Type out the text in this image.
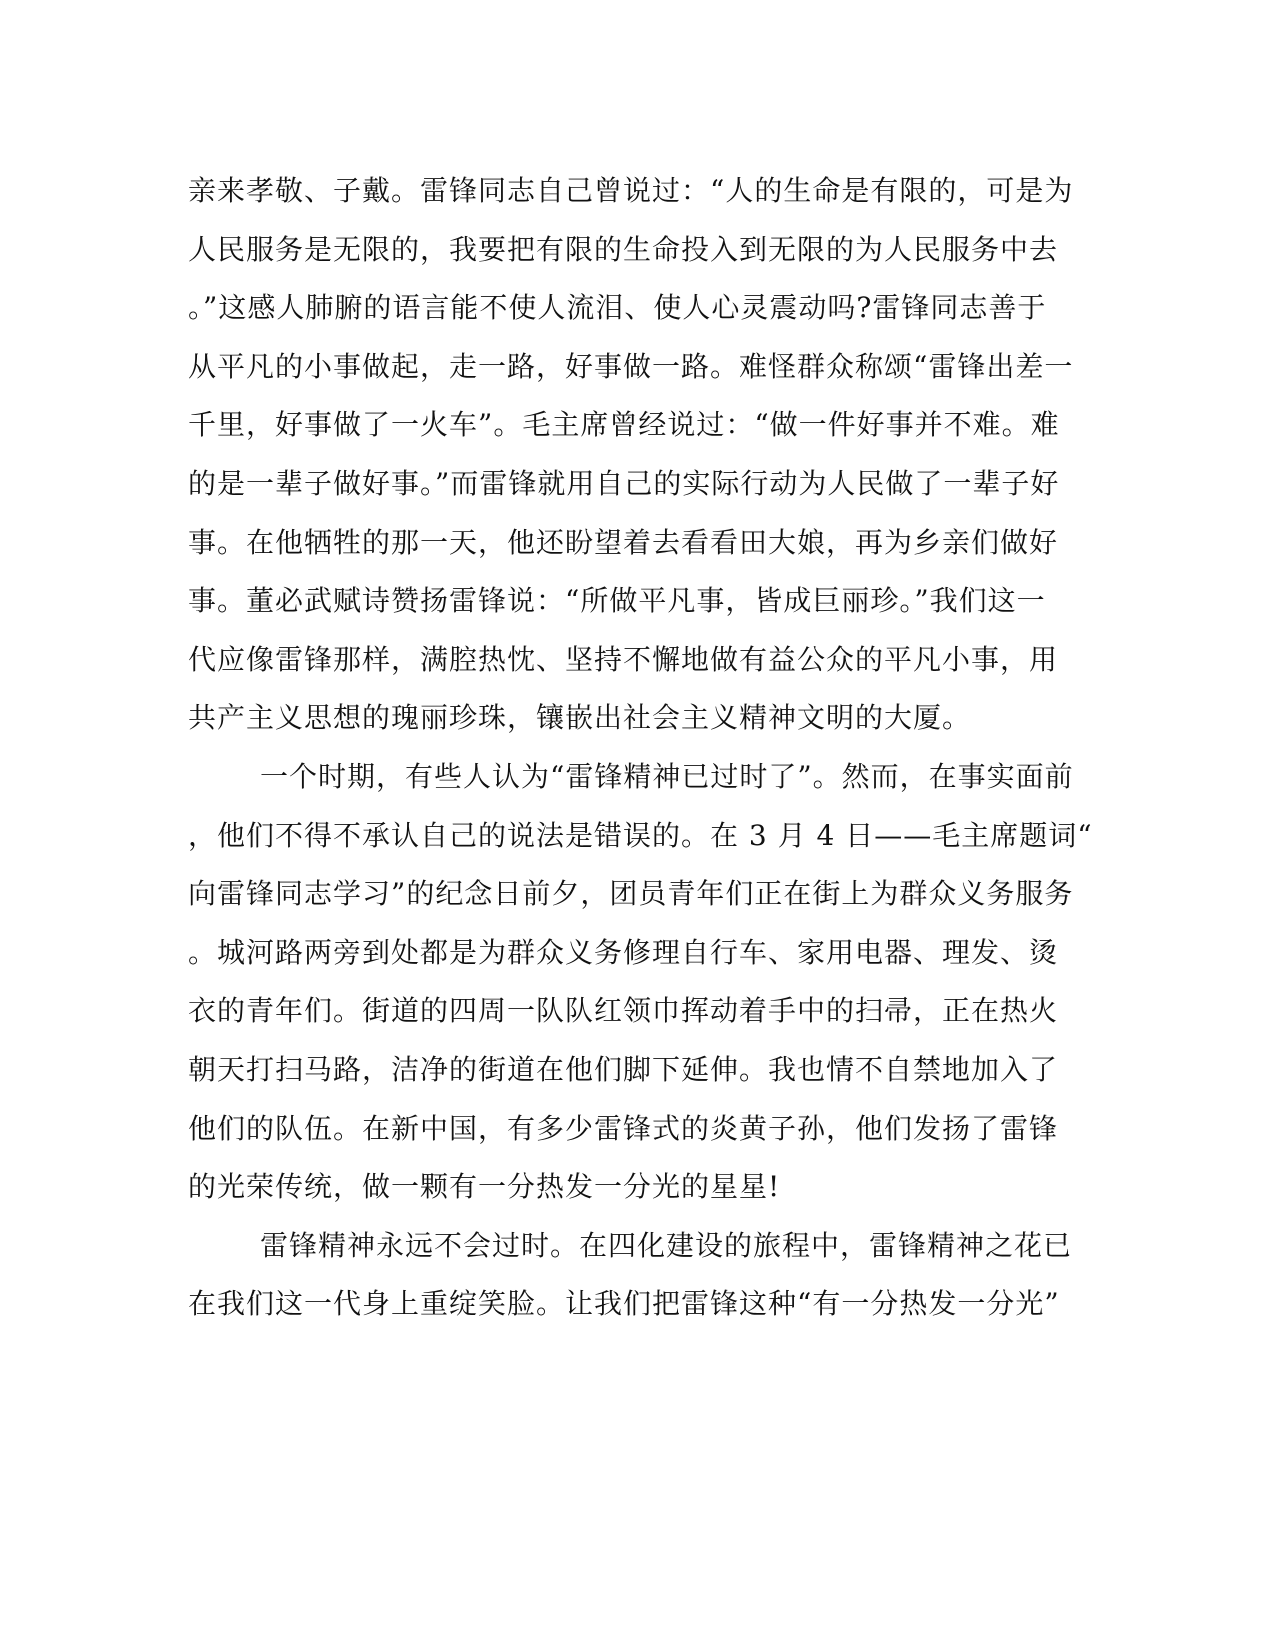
亲来孝敬、子戴。雷锋同志自己曾说过：“人的生命是有限的，可是为
人民服务是无限的，我要把有限的生命投入到无限的为人民服务中去
。”这感人肺腑的语言能不使人流泪、使人心灵震动吗?雷锋同志善于
从平凡的小事做起，走一路，好事做一路。难怪群众称颂“雷锋出差一
千里，好事做了一火车”。毛主席曾经说过：“做一件好事并不难。难
的是一辈子做好事。”而雷锋就用自己的实际行动为人民做了一辈子好
事。在他牺牲的那一天，他还盼望着去看看田大娘，再为乡亲们做好
事。董必武赋诗赞扬雷锋说：“所做平凡事，皆成巨丽珍。”我们这一
代应像雷锋那样，满腔热忱、坚持不懈地做有益公众的平凡小事，用
共产主义思想的瑰丽珍珠，镶嵌出社会主义精神文明的大厦。
一个时期，有些人认为“雷锋精神已过时了”。然而，在事实面前
，他们不得不承认自己的说法是错误的。在 3 月 4 日——毛主席题词“
向雷锋同志学习”的纪念日前夕，团员青年们正在街上为群众义务服务
。城河路两旁到处都是为群众义务修理自行车、家用电器、理发、烫
衣的青年们。街道的四周一队队红领巾挥动着手中的扫帚，正在热火
朝天打扫马路，洁净的街道在他们脚下延伸。我也情不自禁地加入了
他们的队伍。在新中国，有多少雷锋式的炎黄子孙，他们发扬了雷锋
的光荣传统，做一颗有一分热发一分光的星星!
雷锋精神永远不会过时。在四化建设的旅程中，雷锋精神之花已
在我们这一代身上重绽笑脸。让我们把雷锋这种“有一分热发一分光”
